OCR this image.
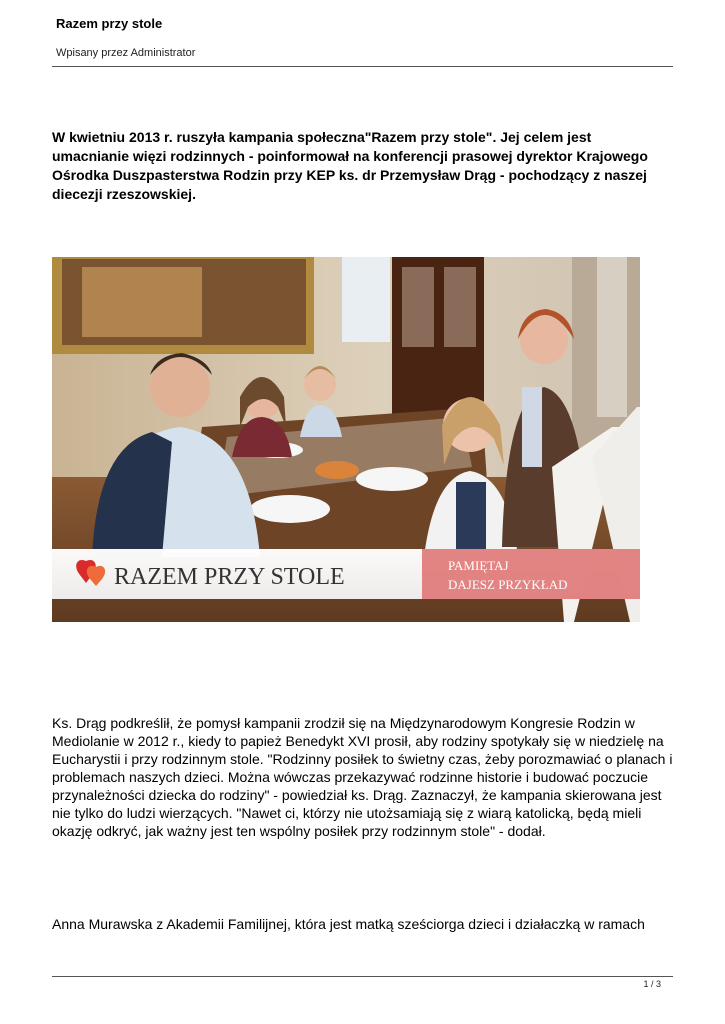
Razem przy stole
Wpisany przez Administrator
W kwietniu 2013 r. ruszyła kampania społeczna"Razem przy stole". Jej celem jest umacnianie więzi rodzinnych - poinformował na konferencji prasowej dyrektor Krajowego Ośrodka Duszpasterstwa Rodzin przy KEP ks. dr Przemysław Drąg - pochodzący z naszej diecezji rzeszowskiej.
RAZEM PRZY STOLE	PAMIĘTAJ
DAJESZ PRZYKŁAD
Ks. Drąg podkreślił, że pomysł kampanii zrodził się na Międzynarodowym Kongresie Rodzin w Mediolanie w 2012 r., kiedy to papież Benedykt XVI prosił, aby rodziny spotykały się w niedzielę na Eucharystii i przy rodzinnym stole. "Rodzinny posiłek to świetny czas, żeby porozmawiać o planach i problemach naszych dzieci. Można wówczas przekazywać rodzinne historie i budować poczucie przynależności dziecka do rodziny" - powiedział ks. Drąg. Zaznaczył, że kampania skierowana jest nie tylko do ludzi wierzących. "Nawet ci, którzy nie utożsamiają się z wiarą katolicką, będą mieli okazję odkryć, jak ważny jest ten wspólny posiłek przy rodzinnym stole" - dodał.
Anna Murawska z Akademii Familijnej, która jest matką sześciorga dzieci i działaczką w ramach
1 / 3
